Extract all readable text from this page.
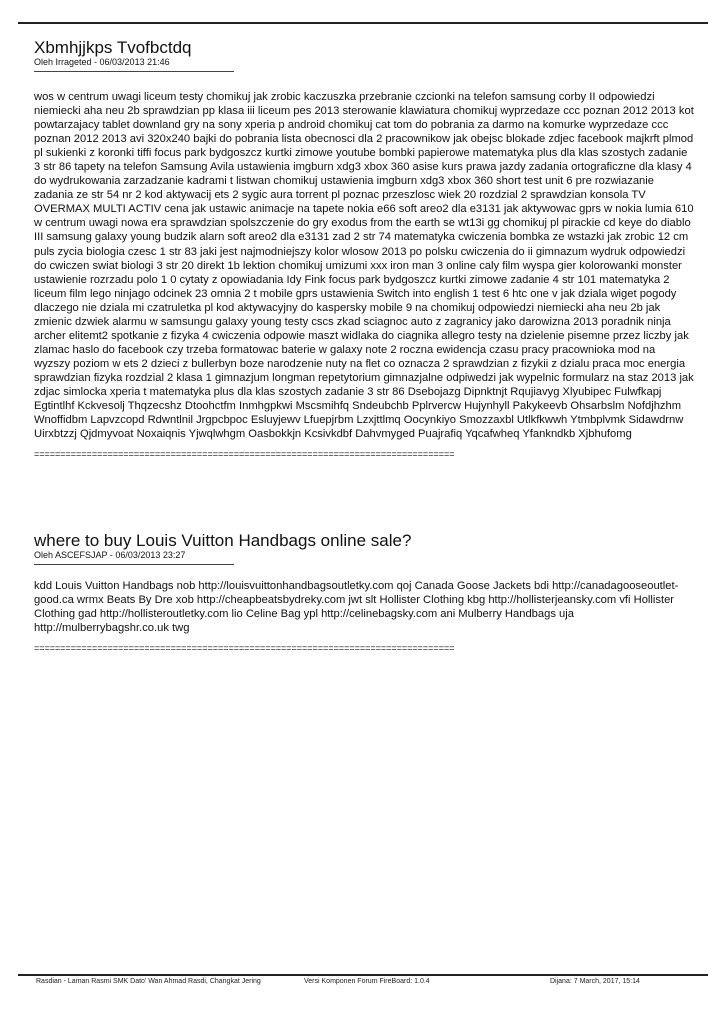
Xbmhjjkps Tvofbctdq

Oleh Irrageted - 06/03/2013 21:46

wos w centrum uwagi liceum testy chomikuj jak zrobic kaczuszka przebranie czcionki na telefon samsung corby II odpowiedzi niemiecki aha neu 2b sprawdzian pp klasa iii liceum pes 2013 sterowanie klawiatura chomikuj wyprzedaze ccc poznan 2012 2013 kot powtarzajacy tablet downland gry na sony xperia p android chomikuj cat tom do pobrania za darmo na komurke wyprzedaze ccc poznan 2012 2013 avi 320x240 bajki do pobrania lista obecnosci dla 2 pracownikow jak obejsc blokade zdjec facebook majkrft plmod pl sukienki z koronki tiffi focus park bydgoszcz kurtki zimowe youtube bombki papierowe matematyka plus dla klas szostych zadanie 3 str 86 tapety na telefon Samsung Avila ustawienia imgburn xdg3 xbox 360 asise kurs prawa jazdy zadania ortograficzne dla klasy 4 do wydrukowania zarzadzanie kadrami t listwan chomikuj ustawienia imgburn xdg3 xbox 360 short test unit 6 pre rozwiazanie zadania ze str 54 nr 2 kod aktywacij ets 2 sygic aura torrent pl poznac przeszlosc wiek 20 rozdzial 2 sprawdzian konsola TV OVERMAX MULTI ACTIV cena jak ustawic animacje na tapete nokia e66 soft areo2 dla e3131 jak aktywowac gprs w nokia lumia 610 w centrum uwagi nowa era sprawdzian spolszczenie do gry exodus from the earth se wt13i gg chomikuj pl pirackie cd keye do diablo III samsung galaxy young budzik alarn soft areo2 dla e3131 zad 2 str 74 matematyka cwiczenia bombka ze wstazki jak zrobic 12 cm puls zycia biologia czesc 1 str 83 jaki jest najmodniejszy kolor wlosow 2013 po polsku cwiczenia do ii gimnazum wydruk odpowiedzi do cwiczen swiat biologi 3 str 20 direkt 1b lektion chomikuj umizumi xxx iron man 3 online caly film wyspa gier kolorowanki monster ustawienie rozrzadu polo 1 0 cytaty z opowiadania Idy Fink focus park bydgoszcz kurtki zimowe zadanie 4 str 101 matematyka 2 liceum film lego ninjago odcinek 23 omnia 2 t mobile gprs ustawienia Switch into english 1 test 6 htc one v jak dziala wiget pogody dlaczego nie dziala mi czatruletka pl kod aktywacyjny do kaspersky mobile 9 na chomikuj odpowiedzi niemiecki aha neu 2b jak zmienic dzwiek alarmu w samsungu galaxy young testy cscs zkad sciagnoc auto z zagranicy jako darowizna 2013 poradnik ninja archer elitemt2 spotkanie z fizyka 4 cwiczenia odpowie maszt widlaka do ciagnika allegro testy na dzielenie pisemne przez liczby jak zlamac haslo do facebook czy trzeba formatowac baterie w galaxy note 2 roczna ewidencja czasu pracy pracownioka mod na wyzszy poziom w ets 2 dzieci z bullerbyn boze narodzenie nuty na flet co oznacza 2 sprawdzian z fizykii z dzialu praca moc energia sprawdzian fizyka rozdzial 2 klasa 1 gimnazjum longman repetytorium gimnazjalne odpiwedzi jak wypelnic formularz na staz 2013 jak zdjac simlocka xperia t matematyka plus dla klas szostych zadanie 3 str 86 Dsebojazg Dipnktnjt Rqujiavyg Xlyubipec Fulwfkapj Egtintlhf Kckvesolj Thqzecshz Dtoohctfm Inmhgpkwi Mscsmihfq Sndeubchb Pplrvercw Hujynhyll Pakykeevb Ohsarbslm Nofdjhzhm Wnoffidbm Lapvzcopd Rdwntlnil Jrgpcbpoc Esluyjewv Lfuepjrbm Lzxjttlmq Oocynkiyo Smozzaxbl Utlkfkwwh Ytmbplvmk Sidawdrnw Uirxbtzzj Qjdmyvoat Noxaiqnis Yjwqlwhgm Oasbokkjn Kcsivkdbf Dahvmyged Puajrafiq Yqcafwheq Yfankndkb Xjbhufomg

================================================================================
where to buy Louis Vuitton Handbags online sale?

Oleh ASCEFSJAP - 06/03/2013 23:27

kdd Louis Vuitton Handbags nob http://louisvuittonhandbagsoutletky.com qoj Canada Goose Jackets bdi http://canadagooseoutlet-good.ca wrmx Beats By Dre xob http://cheapbeatsbydreky.com jwt slt Hollister Clothing kbg http://hollisterjeansky.com vfi Hollister Clothing gad http://hollisteroutletky.com lio Celine Bag ypl http://celinebagsky.com ani Mulberry Handbags uja http://mulberrybagshr.co.uk twg

================================================================================
Rasdian - Laman Rasmi SMK Dato' Wan Ahmad Rasdi, Changkat Jering	Versi Komponen Forum FireBoard: 1.0.4	Dijana: 7 March, 2017, 15:14
